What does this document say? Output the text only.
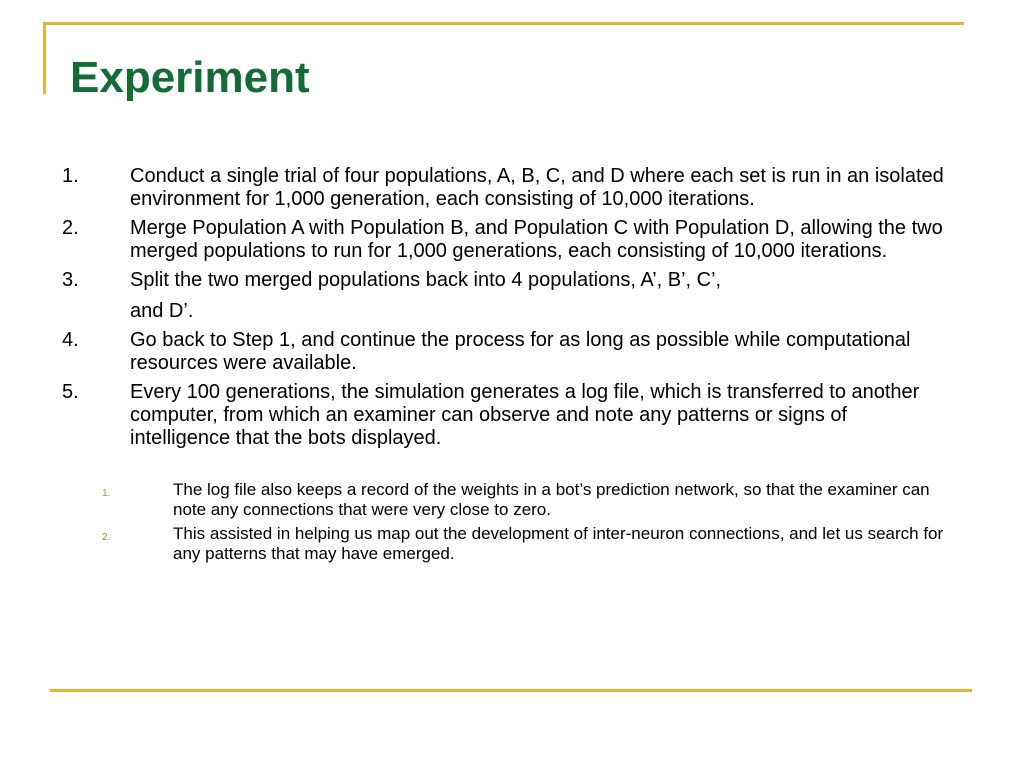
Experiment
1.	Conduct a single trial of four populations, A, B, C, and D where each set is run in an isolated environment for 1,000 generation, each consisting of 10,000 iterations.
2.	Merge Population A with Population B, and Population C with Population D, allowing the two merged populations to run for 1,000 generations, each consisting of 10,000 iterations.
3.	Split the two merged populations back into 4 populations, A’, B’, C’,
and D’.
4.	Go back to Step 1, and continue the process for as long as possible while computational resources were available.
5.	Every 100 generations, the simulation generates a log file, which is transferred to another computer, from which an examiner can observe and note any patterns or signs of intelligence that the bots displayed.
1.	The log file also keeps a record of the weights in a bot’s prediction network, so that the examiner can note any connections that were very close to zero.
2.	This assisted in helping us map out the development of inter-neuron connections, and let us search for any patterns that may have emerged.
